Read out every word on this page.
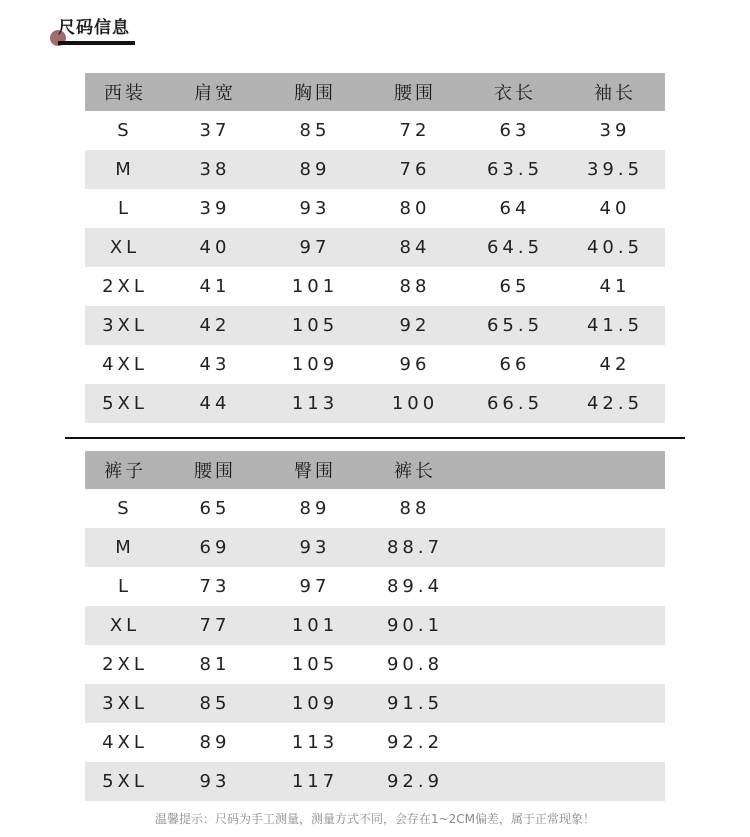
尺码信息
西装	肩宽	胸围	腰围	衣长	袖长
S	37	85	72	63	39
M	38	89	76	63.5	39.5
L	39	93	80	64	40
XL	40	97	84	64.5	40.5
2XL	41	101	88	65	41
3XL	42	105	92	65.5	41.5
4XL	43	109	96	66	42
5XL	44	113	100	66.5	42.5
裤子	腰围	臀围	裤长		
S	65	89	88		
M	69	93	88.7		
L	73	97	89.4		
XL	77	101	90.1		
2XL	81	105	90.8		
3XL	85	109	91.5		
4XL	89	113	92.2		
5XL	93	117	92.9		
温馨提示：尺码为手工测量，测量方式不同，会存在1~2CM偏差，属于正常现象！
